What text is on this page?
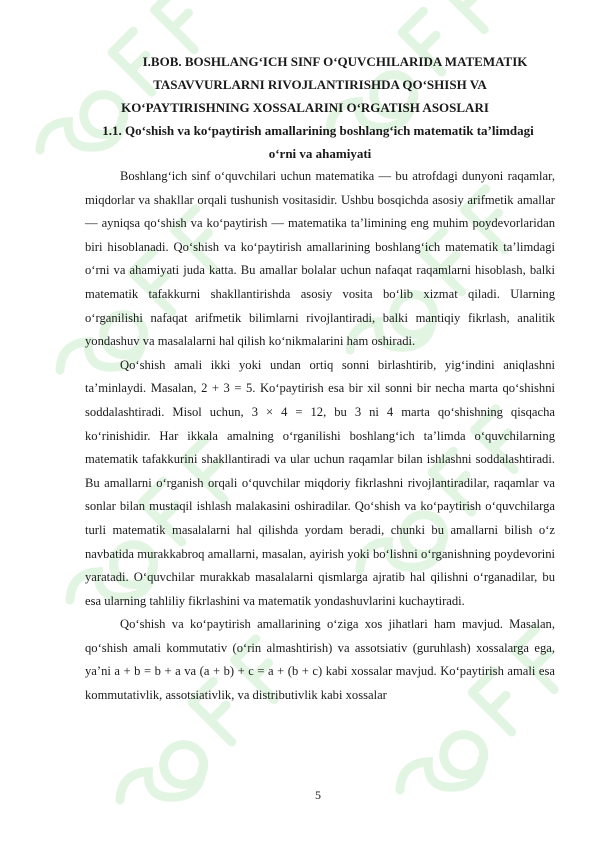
I.BOB. BOSHLANG‘ICH SINF O‘QUVCHILARIDA MATEMATIK

TASAVVURLARNI RIVOJLANTIRISHDA QO‘SHISH VA

KO‘PAYTIRISHNING XOSSALARINI O‘RGATISH ASOSLARI

1.1. Qo‘shish va ko‘paytirish amallarining boshlang‘ich matematik ta’limdagi

o‘rni va ahamiyati

Boshlang‘ich sinf o‘quvchilari uchun matematika — bu atrofdagi dunyoni raqamlar, miqdorlar va shakllar orqali tushunish vositasidir. Ushbu bosqichda asosiy arifmetik amallar — ayniqsa qo‘shish va ko‘paytirish — matematika ta’limining eng muhim poydevorlaridan biri hisoblanadi. Qo‘shish va ko‘paytirish amallarining boshlang‘ich matematik ta’limdagi o‘rni va ahamiyati juda katta. Bu amallar bolalar uchun nafaqat raqamlarni hisoblash, balki matematik tafakkurni shakllantirishda asosiy vosita bo‘lib xizmat qiladi. Ularning o‘rganilishi nafaqat arifmetik bilimlarni rivojlantiradi, balki mantiqiy fikrlash, analitik yondashuv va masalalarni hal qilish ko‘nikmalarini ham oshiradi.

Qo‘shish amali ikki yoki undan ortiq sonni birlashtirib, yig‘indini aniqlashni ta’minlaydi. Masalan, 2 + 3 = 5. Ko‘paytirish esa bir xil sonni bir necha marta qo‘shishni soddalashtiradi. Misol uchun, 3 × 4 = 12, bu 3 ni 4 marta qo‘shishning qisqacha ko‘rinishidir. Har ikkala amalning o‘rganilishi boshlang‘ich ta’limda o‘quvchilarning matematik tafakkurini shakllantiradi va ular uchun raqamlar bilan ishlashni soddalashtiradi. Bu amallarni o‘rganish orqali o‘quvchilar miqdoriy fikrlashni rivojlantiradilar, raqamlar va sonlar bilan mustaqil ishlash malakasini oshiradilar. Qo‘shish va ko‘paytirish o‘quvchilarga turli matematik masalalarni hal qilishda yordam beradi, chunki bu amallarni bilish o‘z navbatida murakkabroq amallarni, masalan, ayirish yoki bo‘lishni o‘rganishning poydevorini yaratadi. O‘quvchilar murakkab masalalarni qismlarga ajratib hal qilishni o‘rganadilar, bu esa ularning tahliliy fikrlashini va matematik yondashuvlarini kuchaytiradi.

Qo‘shish va ko‘paytirish amallarining o‘ziga xos jihatlari ham mavjud. Masalan, qo‘shish amali kommutativ (o‘rin almashtirish) va assotsiativ (guruhlash) xossalarga ega, ya’ni a + b = b + a va (a + b) + c = a + (b + c) kabi xossalar mavjud. Ko‘paytirish amali esa kommutativlik, assotsiativlik, va distributivlik kabi xossalar

5
